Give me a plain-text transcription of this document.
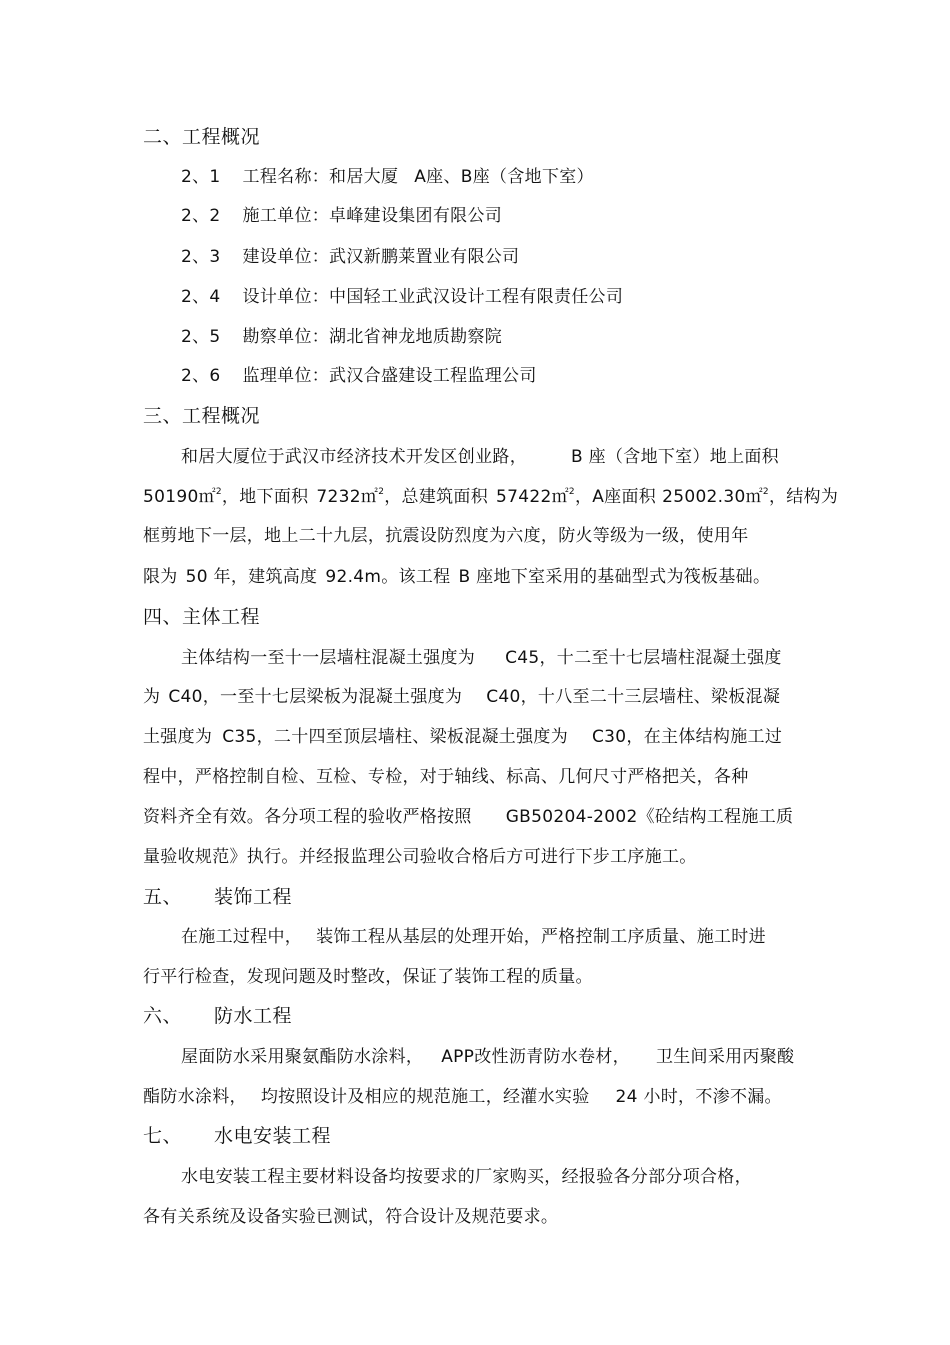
二、工程概况
2、1 工程名称：和居大厦 A座、B座（含地下室）
2、2 施工单位：卓峰建设集团有限公司
2、3 建设单位：武汉新鹏莱置业有限公司
2、4 设计单位：中国轻工业武汉设计工程有限责任公司
2、5 勘察单位：湖北省神龙地质勘察院
2、6 监理单位：武汉合盛建设工程监理公司
三、工程概况
和居大厦位于武汉市经济技术开发区创业路，	B 座（含地下室）地上面积
50190㎡$^2$，地下面积 7232㎡$^2$，总建筑面积 57422㎡$^2$，A座面积 25002.30㎡$^2$，结构为
框剪地下一层，地上二十九层，抗震设防烈度为六度，防火等级为一级，使用年
限为 50 年，建筑高度 92.4m。该工程 B 座地下室采用的基础型式为筏板基础。
四、主体工程
主体结构一至十一层墙柱混凝土强度为 C45，十二至十七层墙柱混凝土强度
为 C40，一至十七层梁板为混凝土强度为 C40，十八至二十三层墙柱、梁板混凝
土强度为 C35，二十四至顶层墙柱、梁板混凝土强度为 C30，在主体结构施工过
程中，严格控制自检、互检、专检，对于轴线、标高、几何尺寸严格把关，各种
资料齐全有效。各分项工程的验收严格按照 GB50204-2002《砼结构工程施工质
量验收规范》执行。并经报监理公司验收合格后方可进行下步工序施工。
五、 装饰工程
在施工过程中， 装饰工程从基层的处理开始，严格控制工序质量、施工时进
行平行检查，发现问题及时整改，保证了装饰工程的质量。
六、 防水工程
屋面防水采用聚氨酯防水涂料， APP改性沥青防水卷材， 卫生间采用丙聚酸
酯防水涂料， 均按照设计及相应的规范施工，经灌水实验 24 小时，不渗不漏。
七、 水电安装工程
水电安装工程主要材料设备均按要求的厂家购买，经报验各分部分项合格，
各有关系统及设备实验已测试，符合设计及规范要求。
